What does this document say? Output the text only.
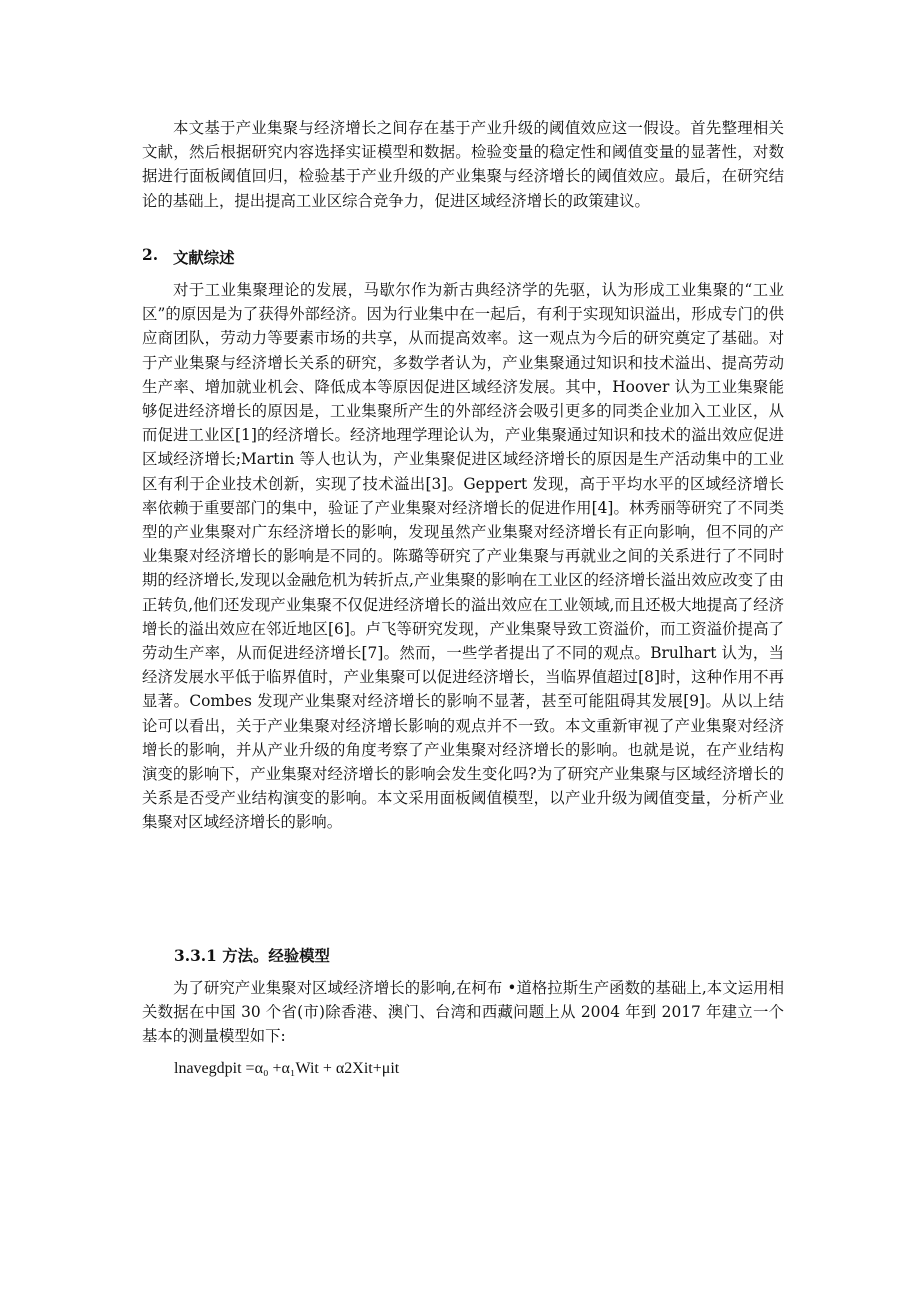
本文基于产业集聚与经济增长之间存在基于产业升级的阈值效应这一假设。首先整理相关文献，然后根据研究内容选择实证模型和数据。检验变量的稳定性和阈值变量的显著性，对数据进行面板阈值回归，检验基于产业升级的产业集聚与经济增长的阈值效应。最后，在研究结论的基础上，提出提高工业区综合竞争力，促进区域经济增长的政策建议。

2. 文献综述

对于工业集聚理论的发展，马歇尔作为新古典经济学的先驱，认为形成工业集聚的“工业区”的原因是为了获得外部经济。因为行业集中在一起后，有利于实现知识溢出，形成专门的供应商团队，劳动力等要素市场的共享，从而提高效率。这一观点为今后的研究奠定了基础。对于产业集聚与经济增长关系的研究，多数学者认为，产业集聚通过知识和技术溢出、提高劳动生产率、增加就业机会、降低成本等原因促进区域经济发展。其中，Hoover 认为工业集聚能够促进经济增长的原因是，工业集聚所产生的外部经济会吸引更多的同类企业加入工业区，从而促进工业区[1]的经济增长。经济地理学理论认为，产业集聚通过知识和技术的溢出效应促进区域经济增长;Martin 等人也认为，产业集聚促进区域经济增长的原因是生产活动集中的工业区有利于企业技术创新，实现了技术溢出[3]。Geppert 发现，高于平均水平的区域经济增长率依赖于重要部门的集中，验证了产业集聚对经济增长的促进作用[4]。林秀丽等研究了不同类型的产业集聚对广东经济增长的影响，发现虽然产业集聚对经济增长有正向影响，但不同的产业集聚对经济增长的影响是不同的。陈璐等研究了产业集聚与再就业之间的关系进行了不同时期的经济增长,发现以金融危机为转折点,产业集聚的影响在工业区的经济增长溢出效应改变了由正转负,他们还发现产业集聚不仅促进经济增长的溢出效应在工业领域,而且还极大地提高了经济增长的溢出效应在邻近地区[6]。卢飞等研究发现，产业集聚导致工资溢价，而工资溢价提高了劳动生产率，从而促进经济增长[7]。然而，一些学者提出了不同的观点。Brulhart 认为，当经济发展水平低于临界值时，产业集聚可以促进经济增长，当临界值超过[8]时，这种作用不再显著。Combes 发现产业集聚对经济增长的影响不显著，甚至可能阻碍其发展[9]。从以上结论可以看出，关于产业集聚对经济增长影响的观点并不一致。本文重新审视了产业集聚对经济增长的影响，并从产业升级的角度考察了产业集聚对经济增长的影响。也就是说，在产业结构演变的影响下，产业集聚对经济增长的影响会发生变化吗?为了研究产业集聚与区域经济增长的关系是否受产业结构演变的影响。本文采用面板阈值模型，以产业升级为阈值变量，分析产业集聚对区域经济增长的影响。

3.3.1 方法。经验模型

为了研究产业集聚对区域经济增长的影响,在柯布 •道格拉斯生产函数的基础上,本文运用相关数据在中国 30 个省(市)除香港、澳门、台湾和西藏问题上从 2004 年到 2017 年建立一个基本的测量模型如下:

lnavegdpit =α₀ +α₁Wit + α2Xit+μit
